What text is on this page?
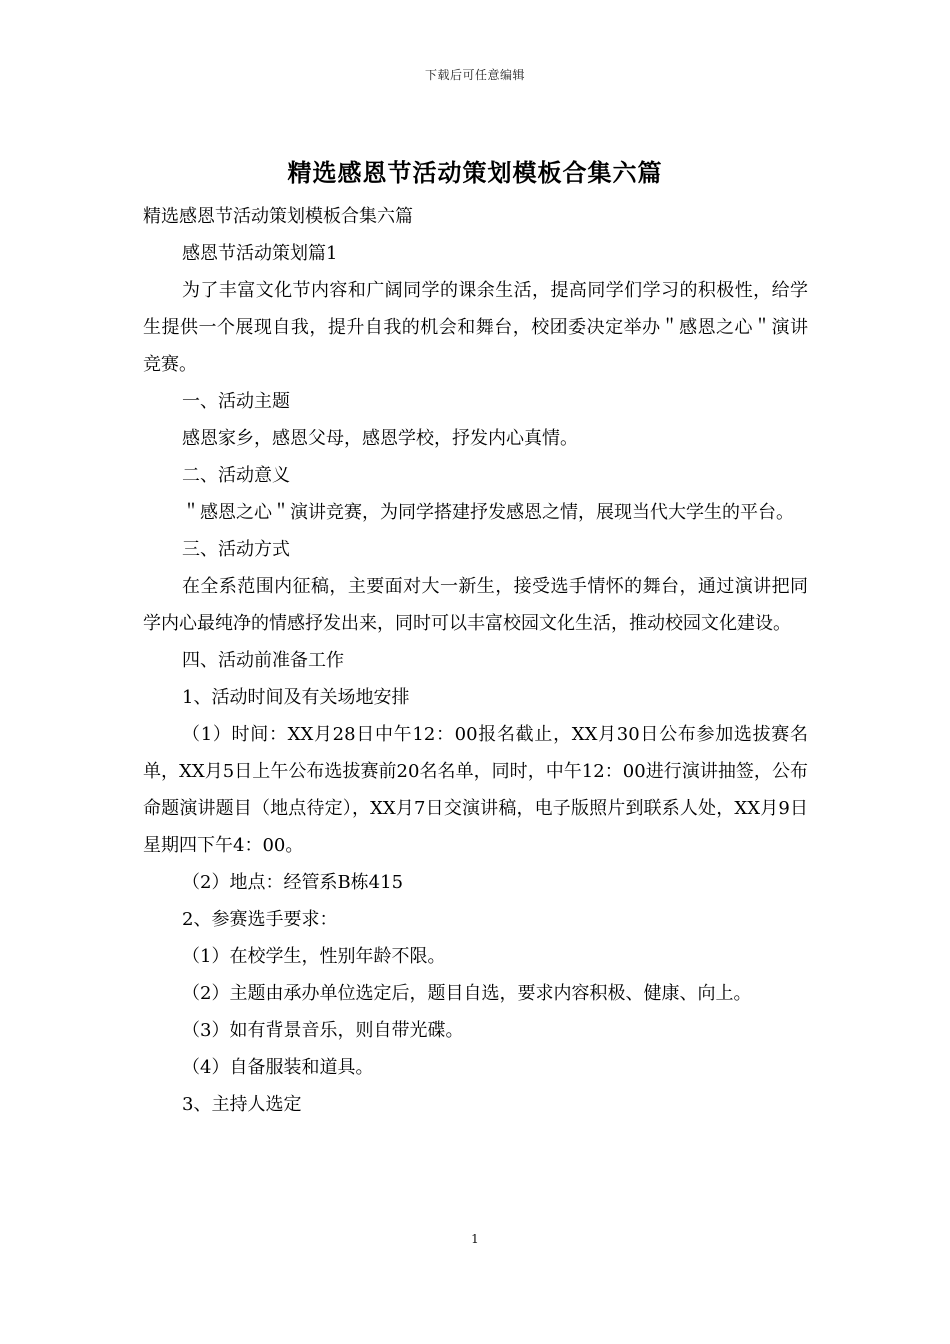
下载后可任意编辑
精选感恩节活动策划模板合集六篇

精选感恩节活动策划模板合集六篇

感恩节活动策划篇1

为了丰富文化节内容和广阔同学的课余生活，提高同学们学习的积极性，给学生提供一个展现自我，提升自我的机会和舞台，校团委决定举办＂感恩之心＂演讲竞赛。

一、活动主题

感恩家乡，感恩父母，感恩学校，抒发内心真情。

二、活动意义

＂感恩之心＂演讲竞赛，为同学搭建抒发感恩之情，展现当代大学生的平台。

三、活动方式

在全系范围内征稿，主要面对大一新生，接受选手情怀的舞台，通过演讲把同学内心最纯净的情感抒发出来，同时可以丰富校园文化生活，推动校园文化建设。

四、活动前准备工作

1、活动时间及有关场地安排

（1）时间：XX月28日中午12：00报名截止，XX月30日公布参加选拔赛名单，XX月5日上午公布选拔赛前20名名单，同时，中午12：00进行演讲抽签，公布命题演讲题目（地点待定），XX月7日交演讲稿，电子版照片到联系人处，XX月9日星期四下午4：00。

（2）地点：经管系B栋415

2、参赛选手要求：

（1）在校学生，性别年龄不限。

（2）主题由承办单位选定后，题目自选，要求内容积极、健康、向上。

（3）如有背景音乐，则自带光碟。

（4）自备服装和道具。

3、主持人选定

1
